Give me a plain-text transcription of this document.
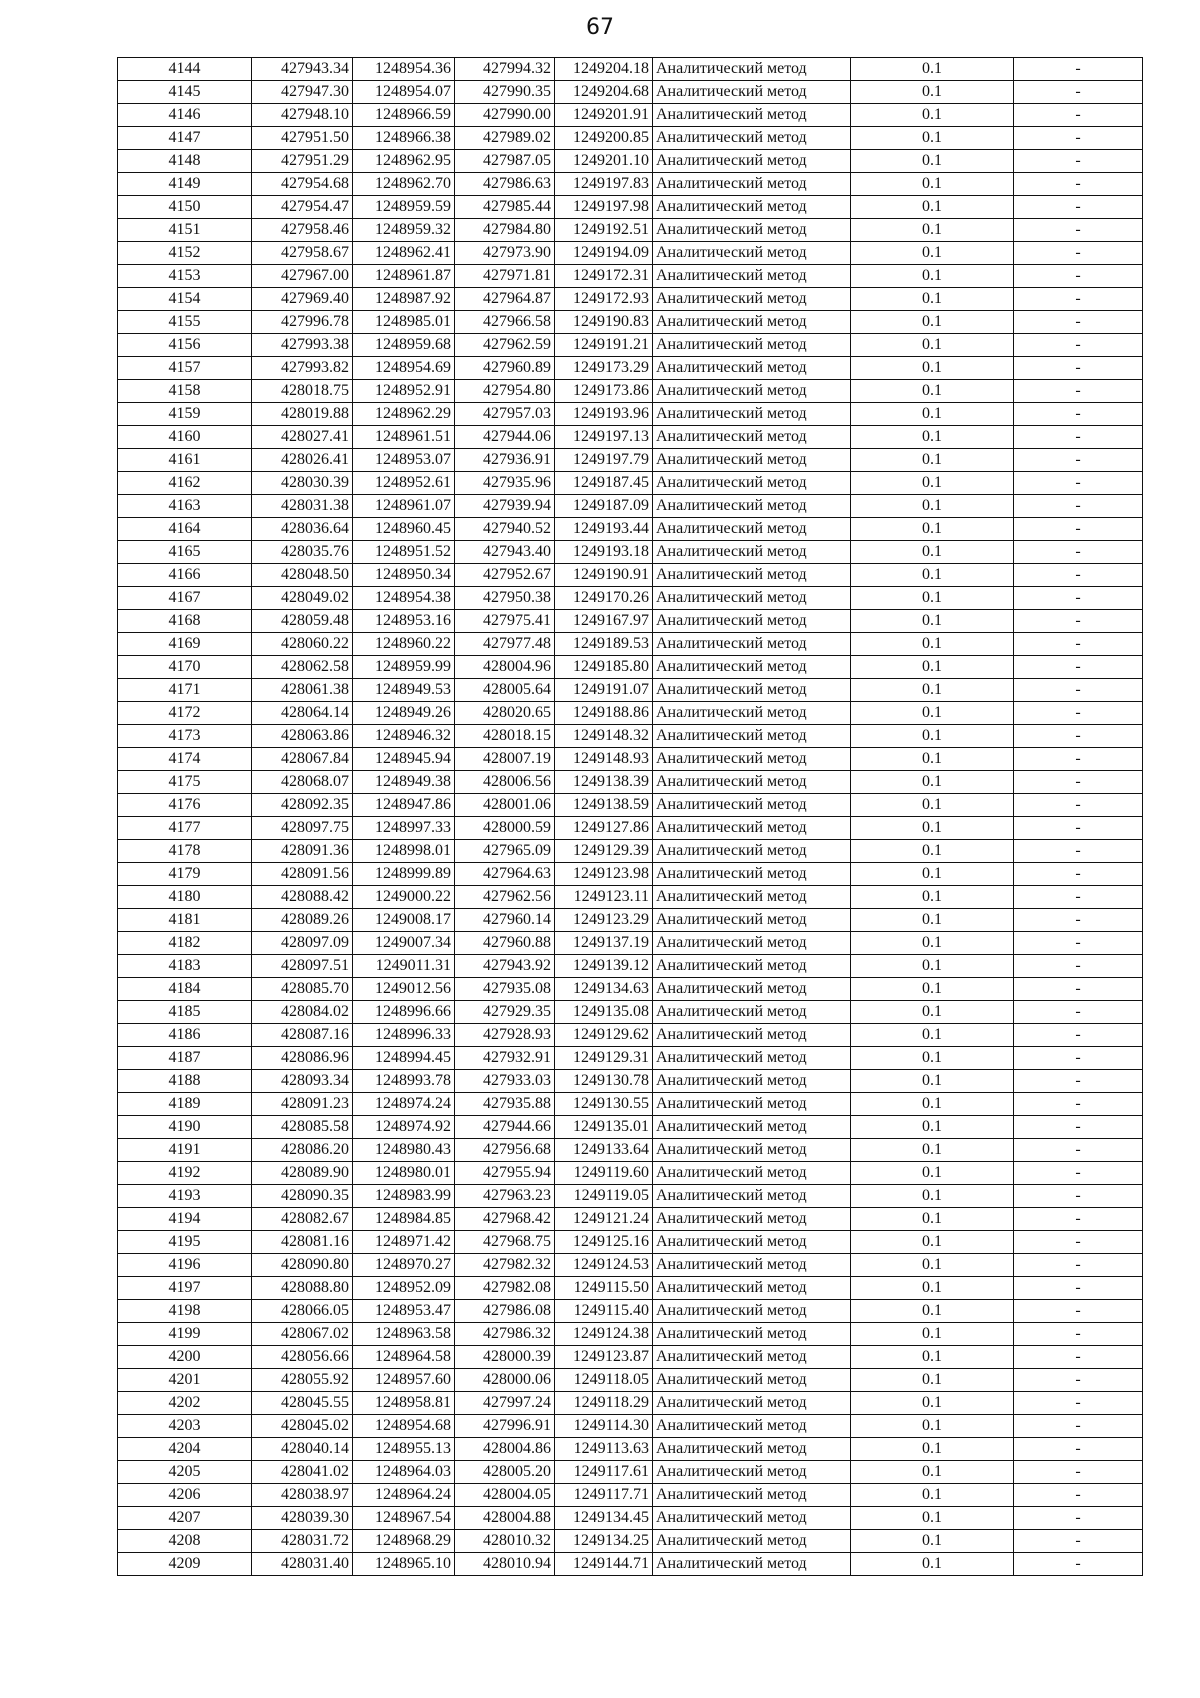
67
4144	427943.34	1248954.36	427994.32	1249204.18	Аналитический метод	0.1	-
4145	427947.30	1248954.07	427990.35	1249204.68	Аналитический метод	0.1	-
4146	427948.10	1248966.59	427990.00	1249201.91	Аналитический метод	0.1	-
4147	427951.50	1248966.38	427989.02	1249200.85	Аналитический метод	0.1	-
4148	427951.29	1248962.95	427987.05	1249201.10	Аналитический метод	0.1	-
4149	427954.68	1248962.70	427986.63	1249197.83	Аналитический метод	0.1	-
4150	427954.47	1248959.59	427985.44	1249197.98	Аналитический метод	0.1	-
4151	427958.46	1248959.32	427984.80	1249192.51	Аналитический метод	0.1	-
4152	427958.67	1248962.41	427973.90	1249194.09	Аналитический метод	0.1	-
4153	427967.00	1248961.87	427971.81	1249172.31	Аналитический метод	0.1	-
4154	427969.40	1248987.92	427964.87	1249172.93	Аналитический метод	0.1	-
4155	427996.78	1248985.01	427966.58	1249190.83	Аналитический метод	0.1	-
4156	427993.38	1248959.68	427962.59	1249191.21	Аналитический метод	0.1	-
4157	427993.82	1248954.69	427960.89	1249173.29	Аналитический метод	0.1	-
4158	428018.75	1248952.91	427954.80	1249173.86	Аналитический метод	0.1	-
4159	428019.88	1248962.29	427957.03	1249193.96	Аналитический метод	0.1	-
4160	428027.41	1248961.51	427944.06	1249197.13	Аналитический метод	0.1	-
4161	428026.41	1248953.07	427936.91	1249197.79	Аналитический метод	0.1	-
4162	428030.39	1248952.61	427935.96	1249187.45	Аналитический метод	0.1	-
4163	428031.38	1248961.07	427939.94	1249187.09	Аналитический метод	0.1	-
4164	428036.64	1248960.45	427940.52	1249193.44	Аналитический метод	0.1	-
4165	428035.76	1248951.52	427943.40	1249193.18	Аналитический метод	0.1	-
4166	428048.50	1248950.34	427952.67	1249190.91	Аналитический метод	0.1	-
4167	428049.02	1248954.38	427950.38	1249170.26	Аналитический метод	0.1	-
4168	428059.48	1248953.16	427975.41	1249167.97	Аналитический метод	0.1	-
4169	428060.22	1248960.22	427977.48	1249189.53	Аналитический метод	0.1	-
4170	428062.58	1248959.99	428004.96	1249185.80	Аналитический метод	0.1	-
4171	428061.38	1248949.53	428005.64	1249191.07	Аналитический метод	0.1	-
4172	428064.14	1248949.26	428020.65	1249188.86	Аналитический метод	0.1	-
4173	428063.86	1248946.32	428018.15	1249148.32	Аналитический метод	0.1	-
4174	428067.84	1248945.94	428007.19	1249148.93	Аналитический метод	0.1	-
4175	428068.07	1248949.38	428006.56	1249138.39	Аналитический метод	0.1	-
4176	428092.35	1248947.86	428001.06	1249138.59	Аналитический метод	0.1	-
4177	428097.75	1248997.33	428000.59	1249127.86	Аналитический метод	0.1	-
4178	428091.36	1248998.01	427965.09	1249129.39	Аналитический метод	0.1	-
4179	428091.56	1248999.89	427964.63	1249123.98	Аналитический метод	0.1	-
4180	428088.42	1249000.22	427962.56	1249123.11	Аналитический метод	0.1	-
4181	428089.26	1249008.17	427960.14	1249123.29	Аналитический метод	0.1	-
4182	428097.09	1249007.34	427960.88	1249137.19	Аналитический метод	0.1	-
4183	428097.51	1249011.31	427943.92	1249139.12	Аналитический метод	0.1	-
4184	428085.70	1249012.56	427935.08	1249134.63	Аналитический метод	0.1	-
4185	428084.02	1248996.66	427929.35	1249135.08	Аналитический метод	0.1	-
4186	428087.16	1248996.33	427928.93	1249129.62	Аналитический метод	0.1	-
4187	428086.96	1248994.45	427932.91	1249129.31	Аналитический метод	0.1	-
4188	428093.34	1248993.78	427933.03	1249130.78	Аналитический метод	0.1	-
4189	428091.23	1248974.24	427935.88	1249130.55	Аналитический метод	0.1	-
4190	428085.58	1248974.92	427944.66	1249135.01	Аналитический метод	0.1	-
4191	428086.20	1248980.43	427956.68	1249133.64	Аналитический метод	0.1	-
4192	428089.90	1248980.01	427955.94	1249119.60	Аналитический метод	0.1	-
4193	428090.35	1248983.99	427963.23	1249119.05	Аналитический метод	0.1	-
4194	428082.67	1248984.85	427968.42	1249121.24	Аналитический метод	0.1	-
4195	428081.16	1248971.42	427968.75	1249125.16	Аналитический метод	0.1	-
4196	428090.80	1248970.27	427982.32	1249124.53	Аналитический метод	0.1	-
4197	428088.80	1248952.09	427982.08	1249115.50	Аналитический метод	0.1	-
4198	428066.05	1248953.47	427986.08	1249115.40	Аналитический метод	0.1	-
4199	428067.02	1248963.58	427986.32	1249124.38	Аналитический метод	0.1	-
4200	428056.66	1248964.58	428000.39	1249123.87	Аналитический метод	0.1	-
4201	428055.92	1248957.60	428000.06	1249118.05	Аналитический метод	0.1	-
4202	428045.55	1248958.81	427997.24	1249118.29	Аналитический метод	0.1	-
4203	428045.02	1248954.68	427996.91	1249114.30	Аналитический метод	0.1	-
4204	428040.14	1248955.13	428004.86	1249113.63	Аналитический метод	0.1	-
4205	428041.02	1248964.03	428005.20	1249117.61	Аналитический метод	0.1	-
4206	428038.97	1248964.24	428004.05	1249117.71	Аналитический метод	0.1	-
4207	428039.30	1248967.54	428004.88	1249134.45	Аналитический метод	0.1	-
4208	428031.72	1248968.29	428010.32	1249134.25	Аналитический метод	0.1	-
4209	428031.40	1248965.10	428010.94	1249144.71	Аналитический метод	0.1	-
